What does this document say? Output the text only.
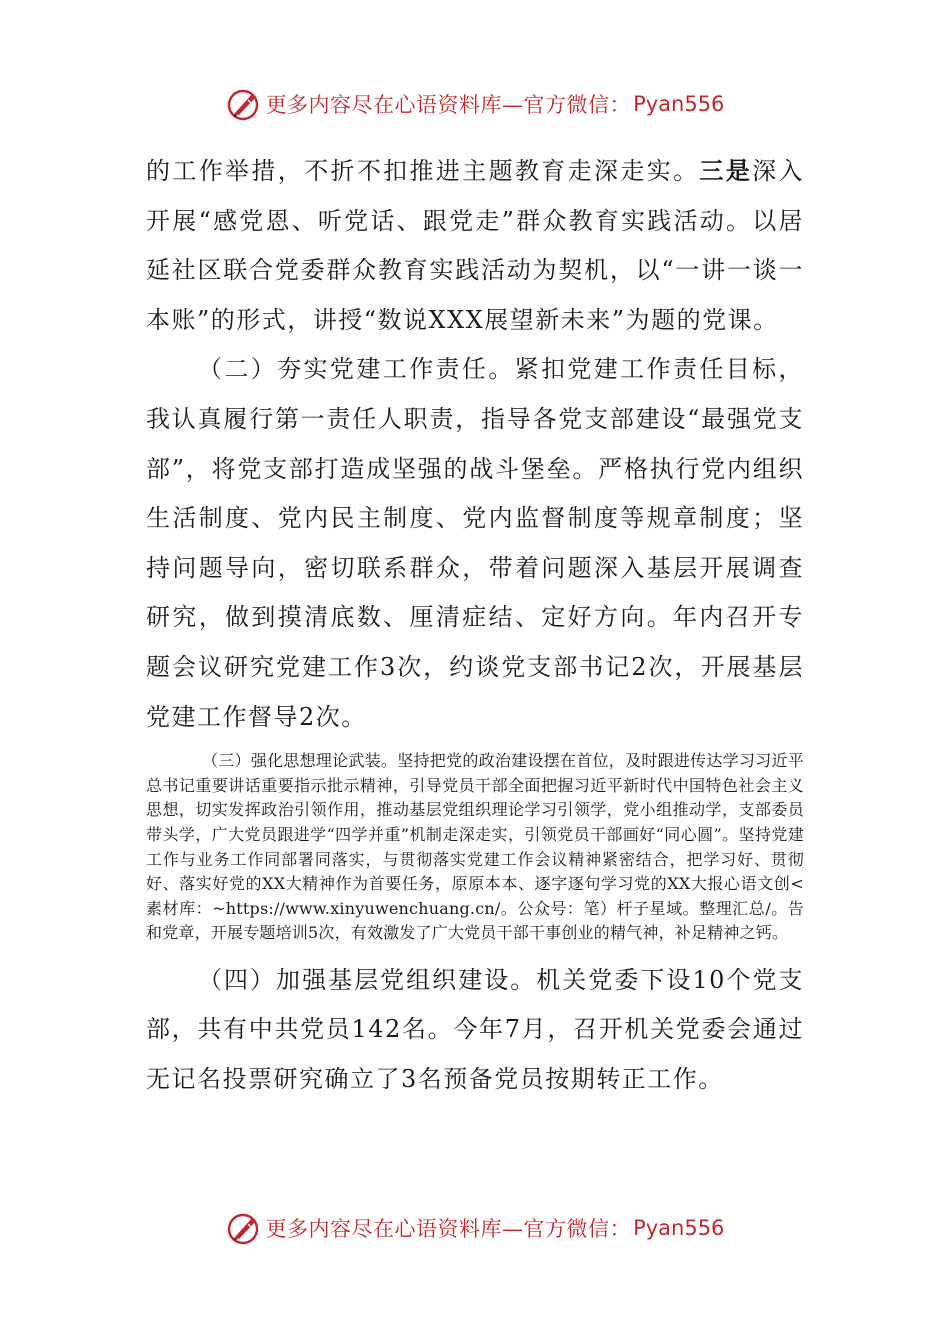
更多内容尽在心语资料库—官方微信： Pyan556

的工作举措，不折不扣推进主题教育走深走实。三是深入开展“感党恩、听党话、跟党走”群众教育实践活动。以居延社区联合党委群众教育实践活动为契机，以“一讲一谈一本账”的形式，讲授“数说XXX展望新未来”为题的党课。

（二）夯实党建工作责任。紧扣党建工作责任目标，我认真履行第一责任人职责，指导各党支部建设“最强党支部”，将党支部打造成坚强的战斗堡垒。严格执行党内组织生活制度、党内民主制度、党内监督制度等规章制度；坚持问题导向，密切联系群众，带着问题深入基层开展调查研究，做到摸清底数、厘清症结、定好方向。年内召开专题会议研究党建工作3次，约谈党支部书记2次，开展基层党建工作督导2次。

（三）强化思想理论武装。坚持把党的政治建设摆在首位，及时跟进传达学习习近平总书记重要讲话重要指示批示精神，引导党员干部全面把握习近平新时代中国特色社会主义思想，切实发挥政治引领作用，推动基层党组织理论学习引领学，党小组推动学，支部委员带头学，广大党员跟进学“四学并重”机制走深走实，引领党员干部画好“同心圆”。坚持党建工作与业务工作同部署同落实，与贯彻落实党建工作会议精神紧密结合，把学习好、贯彻好、落实好党的XX大精神作为首要任务，原原本本、逐字逐句学习党的XX大报心语文创<素材库：~https://www.xinyuwenchuang.cn/。公众号：笔）杆子星域。整理汇总/。告和党章，开展专题培训5次，有效激发了广大党员干部干事创业的精气神，补足精神之钙。

（四）加强基层党组织建设。机关党委下设10个党支部，共有中共党员142名。今年7月，召开机关党委会通过无记名投票研究确立了3名预备党员按期转正工作。

更多内容尽在心语资料库—官方微信： Pyan556
